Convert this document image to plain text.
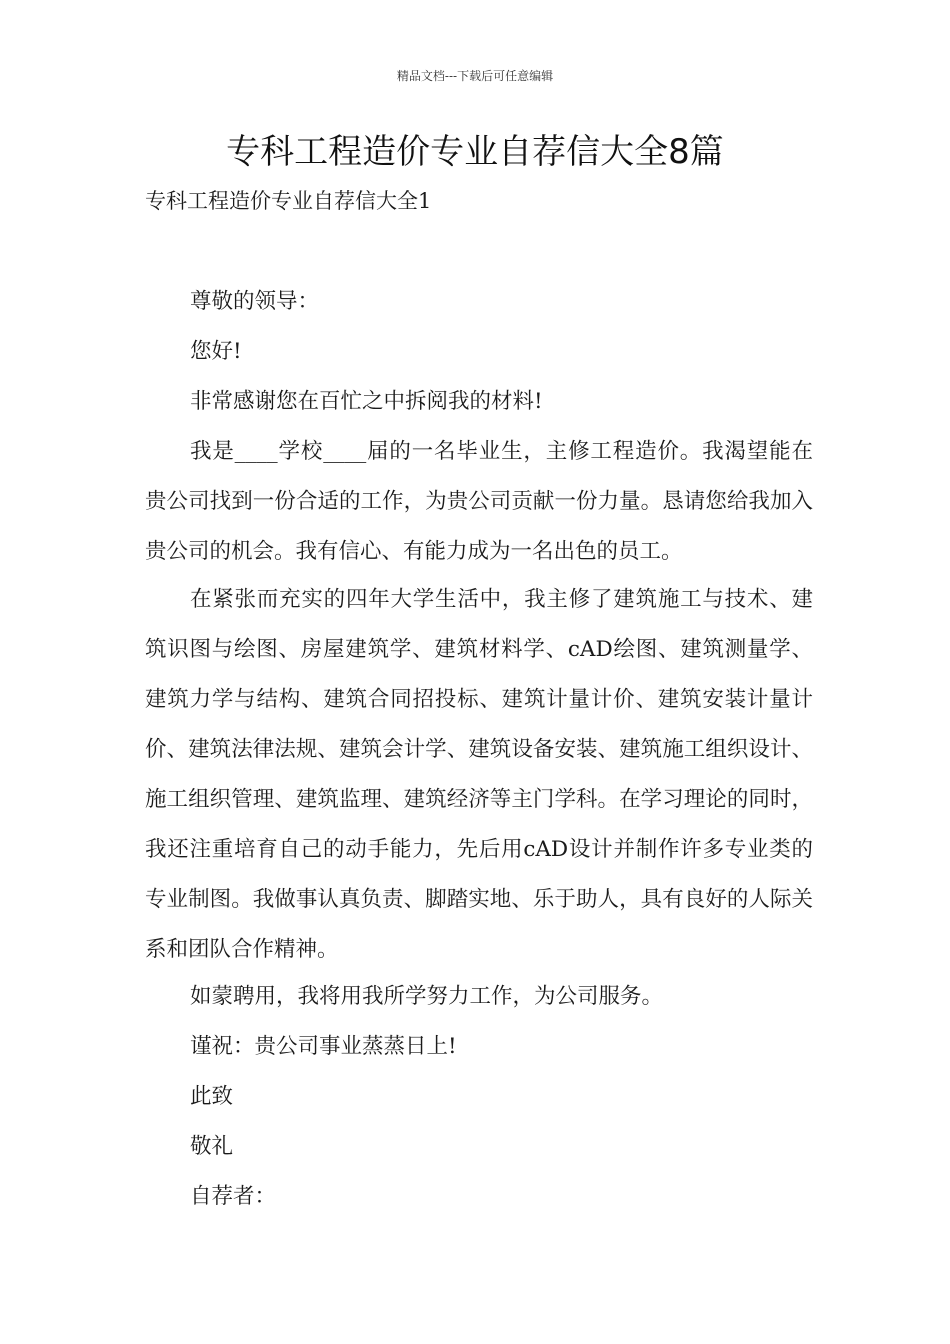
精品文档---下载后可任意编辑
专科工程造价专业自荐信大全8篇

专科工程造价专业自荐信大全1

尊敬的领导：

您好!

非常感谢您在百忙之中拆阅我的材料!

我是____学校____届的一名毕业生，主修工程造价。我渴望能在贵公司找到一份合适的工作，为贵公司贡献一份力量。恳请您给我加入贵公司的机会。我有信心、有能力成为一名出色的员工。

在紧张而充实的四年大学生活中，我主修了建筑施工与技术、建筑识图与绘图、房屋建筑学、建筑材料学、cAD绘图、建筑测量学、建筑力学与结构、建筑合同招投标、建筑计量计价、建筑安装计量计价、建筑法律法规、建筑会计学、建筑设备安装、建筑施工组织设计、施工组织管理、建筑监理、建筑经济等主门学科。在学习理论的同时，我还注重培育自己的动手能力，先后用cAD设计并制作许多专业类的专业制图。我做事认真负责、脚踏实地、乐于助人，具有良好的人际关系和团队合作精神。

如蒙聘用，我将用我所学努力工作，为公司服务。

谨祝：贵公司事业蒸蒸日上!

此致

敬礼

自荐者：
